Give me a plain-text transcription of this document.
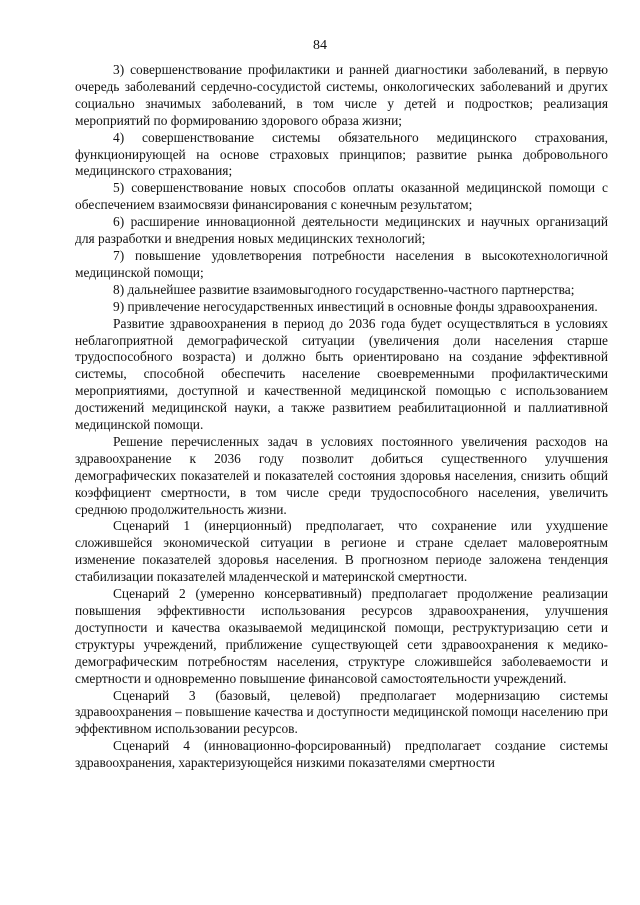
84

3) совершенствование профилактики и ранней диагностики заболеваний, в первую очередь заболеваний сердечно-сосудистой системы, онкологических заболеваний и других социально значимых заболеваний, в том числе у детей и подростков; реализация мероприятий по формированию здорового образа жизни;

4) совершенствование системы обязательного медицинского страхования, функционирующей на основе страховых принципов; развитие рынка добровольного медицинского страхования;

5) совершенствование новых способов оплаты оказанной медицинской помощи с обеспечением взаимосвязи финансирования с конечным результатом;

6) расширение инновационной деятельности медицинских и научных организаций для разработки и внедрения новых медицинских технологий;

7) повышение удовлетворения потребности населения в высокотехнологичной медицинской помощи;

8) дальнейшее развитие взаимовыгодного государственно-частного партнерства;

9) привлечение негосударственных инвестиций в основные фонды здравоохранения.

Развитие здравоохранения в период до 2036 года будет осуществляться в условиях неблагоприятной демографической ситуации (увеличения доли населения старше трудоспособного возраста) и должно быть ориентировано на создание эффективной системы, способной обеспечить население своевременными профилактическими мероприятиями, доступной и качественной медицинской помощью с использованием достижений медицинской науки, а также развитием реабилитационной и паллиативной медицинской помощи.

Решение перечисленных задач в условиях постоянного увеличения расходов на здравоохранение к 2036 году позволит добиться существенного улучшения демографических показателей и показателей состояния здоровья населения, снизить общий коэффициент смертности, в том числе среди трудоспособного населения, увеличить среднюю продолжительность жизни.

Сценарий 1 (инерционный) предполагает, что сохранение или ухудшение сложившейся экономической ситуации в регионе и стране сделает маловероятным изменение показателей здоровья населения. В прогнозном периоде заложена тенденция стабилизации показателей младенческой и материнской смертности.

Сценарий 2 (умеренно консервативный) предполагает продолжение реализации повышения эффективности использования ресурсов здравоохранения, улучшения доступности и качества оказываемой медицинской помощи, реструктуризацию сети и структуры учреждений, приближение существующей сети здравоохранения к медико-демографическим потребностям населения, структуре сложившейся заболеваемости и смертности и одновременно повышение финансовой самостоятельности учреждений.

Сценарий 3 (базовый, целевой) предполагает модернизацию системы здравоохранения – повышение качества и доступности медицинской помощи населению при эффективном использовании ресурсов.

Сценарий 4 (инновационно-форсированный) предполагает создание системы здравоохранения, характеризующейся низкими показателями смертности
